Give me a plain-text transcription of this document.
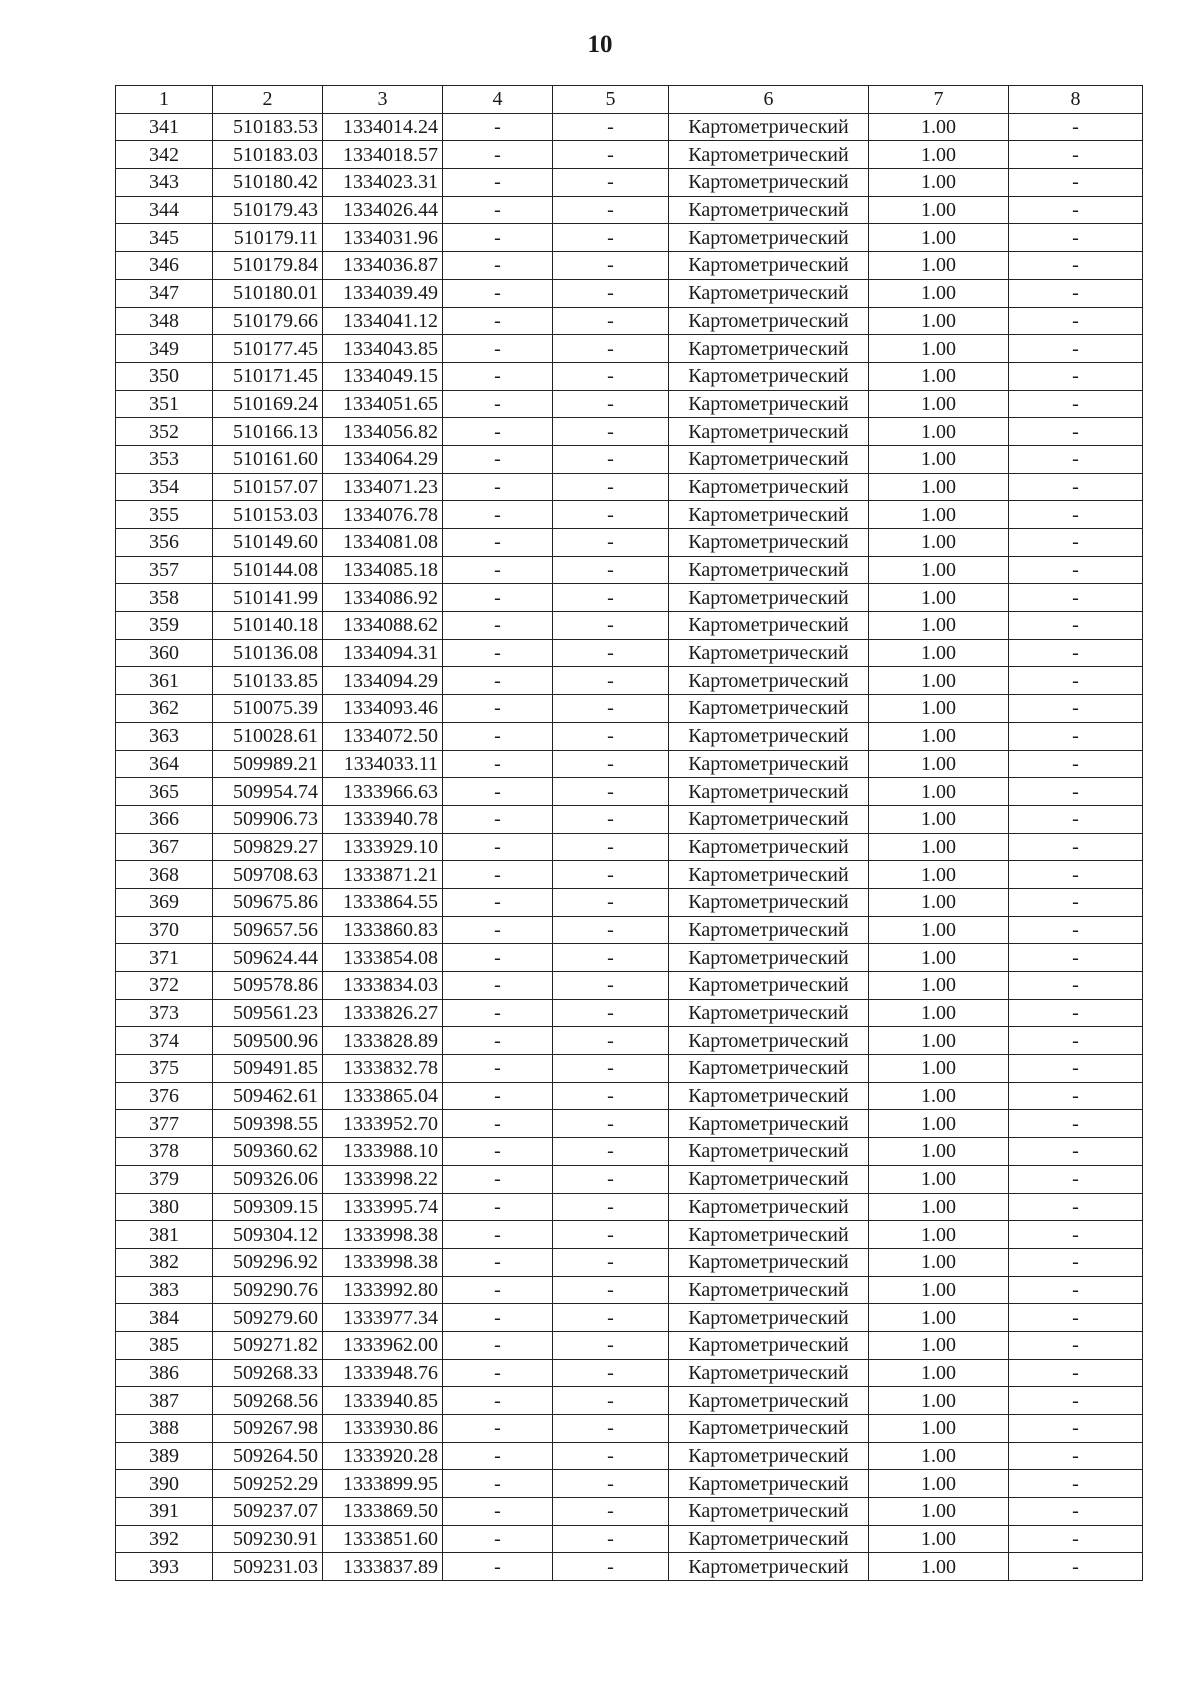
10
1	2	3	4	5	6	7	8
341	510183.53	1334014.24	-	-	Картометрический	1.00	-
342	510183.03	1334018.57	-	-	Картометрический	1.00	-
343	510180.42	1334023.31	-	-	Картометрический	1.00	-
344	510179.43	1334026.44	-	-	Картометрический	1.00	-
345	510179.11	1334031.96	-	-	Картометрический	1.00	-
346	510179.84	1334036.87	-	-	Картометрический	1.00	-
347	510180.01	1334039.49	-	-	Картометрический	1.00	-
348	510179.66	1334041.12	-	-	Картометрический	1.00	-
349	510177.45	1334043.85	-	-	Картометрический	1.00	-
350	510171.45	1334049.15	-	-	Картометрический	1.00	-
351	510169.24	1334051.65	-	-	Картометрический	1.00	-
352	510166.13	1334056.82	-	-	Картометрический	1.00	-
353	510161.60	1334064.29	-	-	Картометрический	1.00	-
354	510157.07	1334071.23	-	-	Картометрический	1.00	-
355	510153.03	1334076.78	-	-	Картометрический	1.00	-
356	510149.60	1334081.08	-	-	Картометрический	1.00	-
357	510144.08	1334085.18	-	-	Картометрический	1.00	-
358	510141.99	1334086.92	-	-	Картометрический	1.00	-
359	510140.18	1334088.62	-	-	Картометрический	1.00	-
360	510136.08	1334094.31	-	-	Картометрический	1.00	-
361	510133.85	1334094.29	-	-	Картометрический	1.00	-
362	510075.39	1334093.46	-	-	Картометрический	1.00	-
363	510028.61	1334072.50	-	-	Картометрический	1.00	-
364	509989.21	1334033.11	-	-	Картометрический	1.00	-
365	509954.74	1333966.63	-	-	Картометрический	1.00	-
366	509906.73	1333940.78	-	-	Картометрический	1.00	-
367	509829.27	1333929.10	-	-	Картометрический	1.00	-
368	509708.63	1333871.21	-	-	Картометрический	1.00	-
369	509675.86	1333864.55	-	-	Картометрический	1.00	-
370	509657.56	1333860.83	-	-	Картометрический	1.00	-
371	509624.44	1333854.08	-	-	Картометрический	1.00	-
372	509578.86	1333834.03	-	-	Картометрический	1.00	-
373	509561.23	1333826.27	-	-	Картометрический	1.00	-
374	509500.96	1333828.89	-	-	Картометрический	1.00	-
375	509491.85	1333832.78	-	-	Картометрический	1.00	-
376	509462.61	1333865.04	-	-	Картометрический	1.00	-
377	509398.55	1333952.70	-	-	Картометрический	1.00	-
378	509360.62	1333988.10	-	-	Картометрический	1.00	-
379	509326.06	1333998.22	-	-	Картометрический	1.00	-
380	509309.15	1333995.74	-	-	Картометрический	1.00	-
381	509304.12	1333998.38	-	-	Картометрический	1.00	-
382	509296.92	1333998.38	-	-	Картометрический	1.00	-
383	509290.76	1333992.80	-	-	Картометрический	1.00	-
384	509279.60	1333977.34	-	-	Картометрический	1.00	-
385	509271.82	1333962.00	-	-	Картометрический	1.00	-
386	509268.33	1333948.76	-	-	Картометрический	1.00	-
387	509268.56	1333940.85	-	-	Картометрический	1.00	-
388	509267.98	1333930.86	-	-	Картометрический	1.00	-
389	509264.50	1333920.28	-	-	Картометрический	1.00	-
390	509252.29	1333899.95	-	-	Картометрический	1.00	-
391	509237.07	1333869.50	-	-	Картометрический	1.00	-
392	509230.91	1333851.60	-	-	Картометрический	1.00	-
393	509231.03	1333837.89	-	-	Картометрический	1.00	-
